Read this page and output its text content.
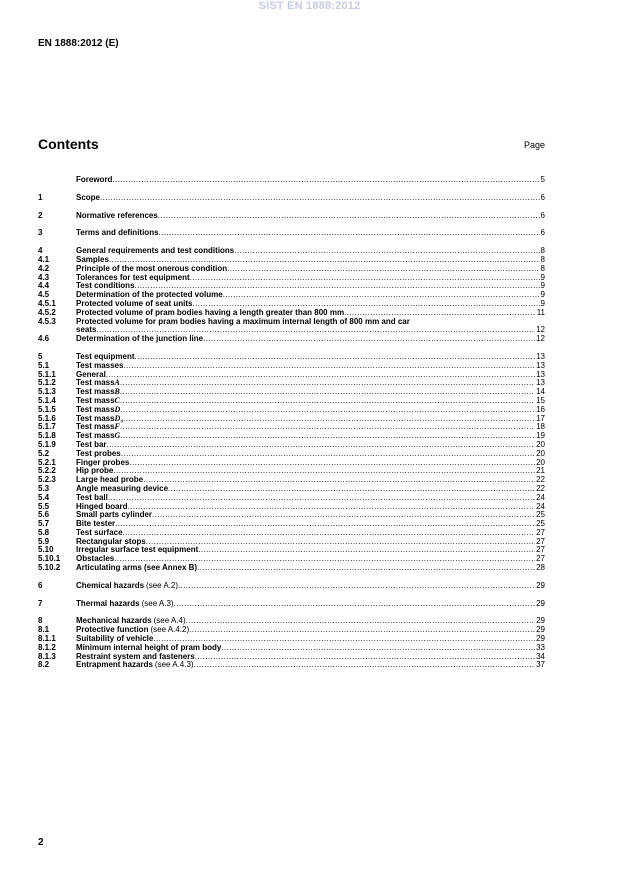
SIST EN 1888:2012
EN 1888:2012 (E)
Contents	Page
Foreword .....	5
1	Scope .....	6
2	Normative references .....	6
3	Terms and definitions .....	6
4	General requirements and test conditions .....	8
4.1	Samples .....	8
4.2	Principle of the most onerous condition .....	8
4.3	Tolerances for test equipment .....	9
4.4	Test conditions .....	9
4.5	Determination of the protected volume .....	9
4.5.1	Protected volume of seat units .....	9
4.5.2	Protected volume of pram bodies having a length greater than 800 mm .....	11
4.5.3	Protected volume for pram bodies having a maximum internal length of 800 mm and car
seats .....	12
4.6	Determination of the junction line .....	12
5	Test equipment .....	13
5.1	Test masses .....	13
5.1.1	General .....	13
5.1.2	Test mass A .....	13
5.1.3	Test mass B .....	14
5.1.4	Test mass C .....	15
5.1.5	Test mass D .....	16
5.1.6	Test mass D₀ .....	17
5.1.7	Test mass F .....	18
5.1.8	Test mass G .....	19
5.1.9	Test bar .....	20
5.2	Test probes .....	20
5.2.1	Finger probes .....	20
5.2.2	Hip probe .....	21
5.2.3	Large head probe .....	22
5.3	Angle measuring device .....	22
5.4	Test ball .....	24
5.5	Hinged board .....	24
5.6	Small parts cylinder .....	25
5.7	Bite tester .....	25
5.8	Test surface .....	27
5.9	Rectangular stops .....	27
5.10	Irregular surface test equipment .....	27
5.10.1	Obstacles .....	27
5.10.2	Articulating arms (see Annex B) .....	28
6	Chemical hazards (see A.2) .....	29
7	Thermal hazards (see A.3) .....	29
8	Mechanical hazards (see A.4) .....	29
8.1	Protective function (see A.4.2) .....	29
8.1.1	Suitability of vehicle .....	29
8.1.2	Minimum internal height of pram body .....	33
8.1.3	Restraint system and fasteners .....	34
8.2	Entrapment hazards (see A.4.3) .....	37
2
